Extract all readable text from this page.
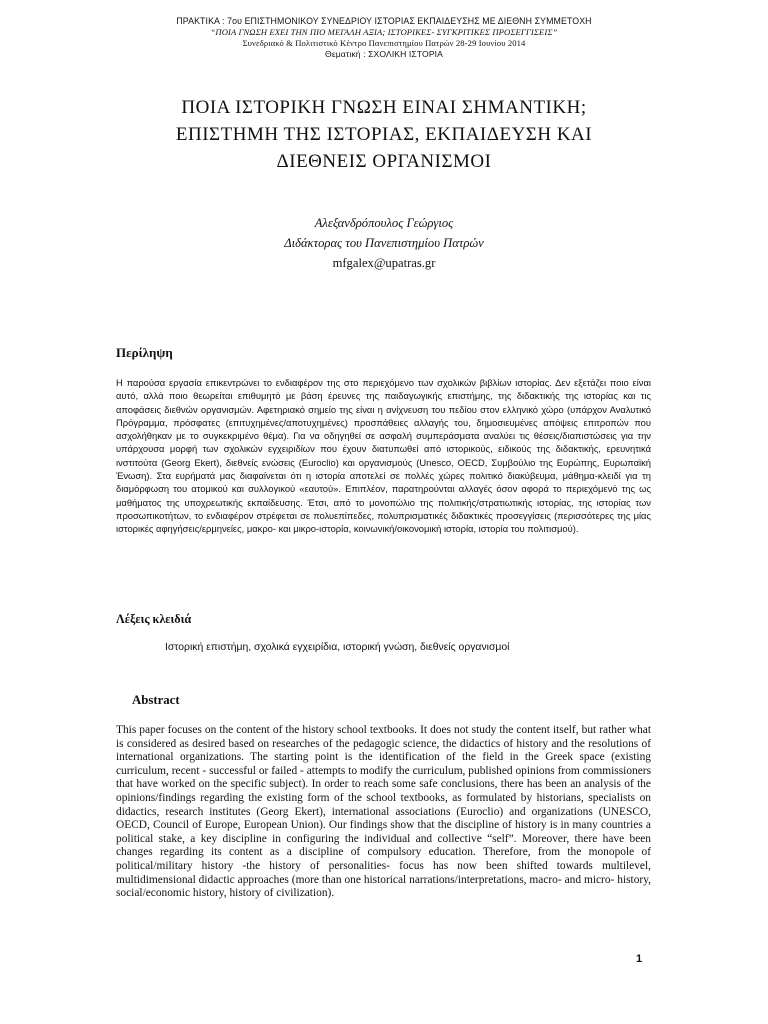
ΠΡΑΚΤΙΚΑ : 7ου ΕΠΙΣΤΗΜΟΝΙΚΟΥ ΣΥΝΕΔΡΙΟΥ ΙΣΤΟΡΙΑΣ ΕΚΠΑΙΔΕΥΣΗΣ ΜΕ ΔΙΕΘΝΗ ΣΥΜΜΕΤΟΧΗ
“ΠΟΙΑ ΓΝΩΣΗ ΕΧΕΙ ΤΗΝ ΠΙΟ ΜΕΓΑΛΗ ΑΞΙΑ; ΙΣΤΟΡΙΚΕΣ- ΣΥΓΚΡΙΤΙΚΕΣ ΠΡΟΣΕΓΓΙΣΕΙΣ”
Συνεδριακό & Πολιτιστικό Κέντρο Πανεπιστημίου Πατρών 28-29 Ιουνίου 2014
Θεματική : ΣΧΟΛΙΚΗ ΙΣΤΟΡΙΑ
ΠΟΙΑ ΙΣΤΟΡΙΚΗ ΓΝΩΣΗ ΕΙΝΑΙ ΣΗΜΑΝΤΙΚΗ;
ΕΠΙΣΤΗΜΗ ΤΗΣ ΙΣΤΟΡΙΑΣ, ΕΚΠΑΙΔΕΥΣΗ ΚΑΙ
ΔΙΕΘΝΕΙΣ ΟΡΓΑΝΙΣΜΟΙ
Αλεξανδρόπουλος Γεώργιος
Διδάκτορας του Πανεπιστημίου Πατρών
mfgalex@upatras.gr
Περίληψη
Η παρούσα εργασία επικεντρώνει το ενδιαφέρον της στο περιεχόμενο των σχολικών βιβλίων ιστορίας. Δεν εξετάζει ποιο είναι αυτό, αλλά ποιο θεωρείται επιθυμητό με βάση έρευνες της παιδαγωγικής επιστήμης, της διδακτικής της ιστορίας και τις αποφάσεις διεθνών οργανισμών. Αφετηριακό σημείο της είναι η ανίχνευση του πεδίου στον ελληνικό χώρο (υπάρχον Αναλυτικό Πρόγραμμα, πρόσφατες (επιτυχημένες/αποτυχημένες) προσπάθειες αλλαγής του, δημοσιευμένες απόψεις επιτροπών που ασχολήθηκαν με το συγκεκριμένο θέμα). Για να οδηγηθεί σε ασφαλή συμπεράσματα αναλύει τις θέσεις/διαπιστώσεις για την υπάρχουσα μορφή των σχολικών εγχειριδίων που έχουν διατυπωθεί από ιστορικούς, ειδικούς της διδακτικής, ερευνητικά ινστιτούτα (Georg Ekert), διεθνείς ενώσεις (Euroclio) και οργανισμούς (Unesco, OECD, Συμβούλιο της Ευρώπης, Ευρωπαϊκή Ένωση). Στα ευρήματά μας διαφαίνεται ότι η ιστορία αποτελεί σε πολλές χώρες πολιτικό διακύβευμα, μάθημα-κλειδί για τη διαμόρφωση του ατομικού και συλλογικού «εαυτού». Επιπλέον, παρατηρούνται αλλαγές όσον αφορά το περιεχόμενό της ως μαθήματος της υποχρεωτικής εκπαίδευσης. Έτσι, από το μονοπώλιο της πολιτικής/στρατιωτικής ιστορίας, της ιστορίας των προσωπικοτήτων, το ενδιαφέρον στρέφεται σε πολυεπίπεδες, πολυπρισματικές διδακτικές προσεγγίσεις (περισσότερες της μίας ιστορικές αφηγήσεις/ερμηνείες, μακρο- και μικρο-ιστορία, κοινωνική/οικονομική ιστορία, ιστορία του πολιτισμού).
Λέξεις κλειδιά
Ιστορική επιστήμη, σχολικά εγχειρίδια, ιστορική γνώση, διεθνείς οργανισμοί
Abstract
This paper focuses on the content of the history school textbooks. It does not study the content itself, but rather what is considered as desired based on researches of the pedagogic science, the didactics of history and the resolutions of international organizations. The starting point is the identification of the field in the Greek space (existing curriculum, recent - successful or failed - attempts to modify the curriculum, published opinions from commissioners that have worked on the specific subject). In order to reach some safe conclusions, there has been an analysis of the opinions/findings regarding the existing form of the school textbooks, as formulated by historians, specialists on didactics, research institutes (Georg Ekert), international associations (Euroclio) and organizations (UNESCO, OECD, Council of Europe, European Union). Our findings show that the discipline of history is in many countries a political stake, a key discipline in configuring the individual and collective “self”. Moreover, there have been changes regarding its content as a discipline of compulsory education. Therefore, from the monopole of political/military history -the history of personalities- focus has now been shifted towards multilevel, multidimensional didactic approaches (more than one historical narrations/interpretations, macro- and micro- history, social/economic history, history of civilization).
1
